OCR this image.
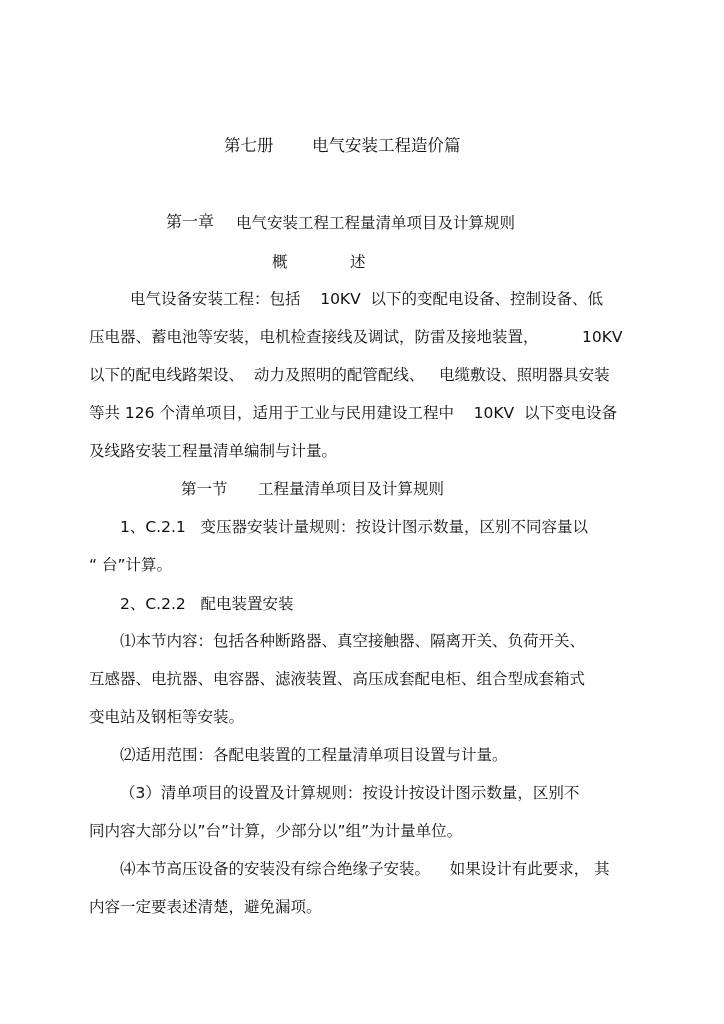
第七册 电气安装工程造价篇
第一章 电气安装工程工程量清单项目及计算规则
概	述
电气设备安装工程：包括    10KV  以下的变配电设备、控制设备、低
压电器、蓄电池等安装，电机检查接线及调试，防雷及接地装置，	10KV
以下的配电线路架设、  动力及照明的配管配线、   电缆敷设、照明器具安装
等共 126 个清单项目，适用于工业与民用建设工程中    10KV  以下变电设备
及线路安装工程量清单编制与计量。
第一节 工程量清单项目及计算规则
1、C.2.1   变压器安装计量规则：按设计图示数量，区别不同容量以
“ 台”计算。
2、C.2.2   配电装置安装
⑴本节内容：包括各种断路器、真空接触器、隔离开关、负荷开关、
互感器、电抗器、电容器、滤液装置、高压成套配电柜、组合型成套箱式
变电站及钢柜等安装。
⑵适用范围：各配电装置的工程量清单项目设置与计量。
（3）清单项目的设置及计算规则：按设计按设计图示数量，区别不
同内容大部分以”台”计算，少部分以”组”为计量单位。
⑷本节高压设备的安装没有综合绝缘子安装。    如果设计有此要求， 其
内容一定要表述清楚，避免漏项。
